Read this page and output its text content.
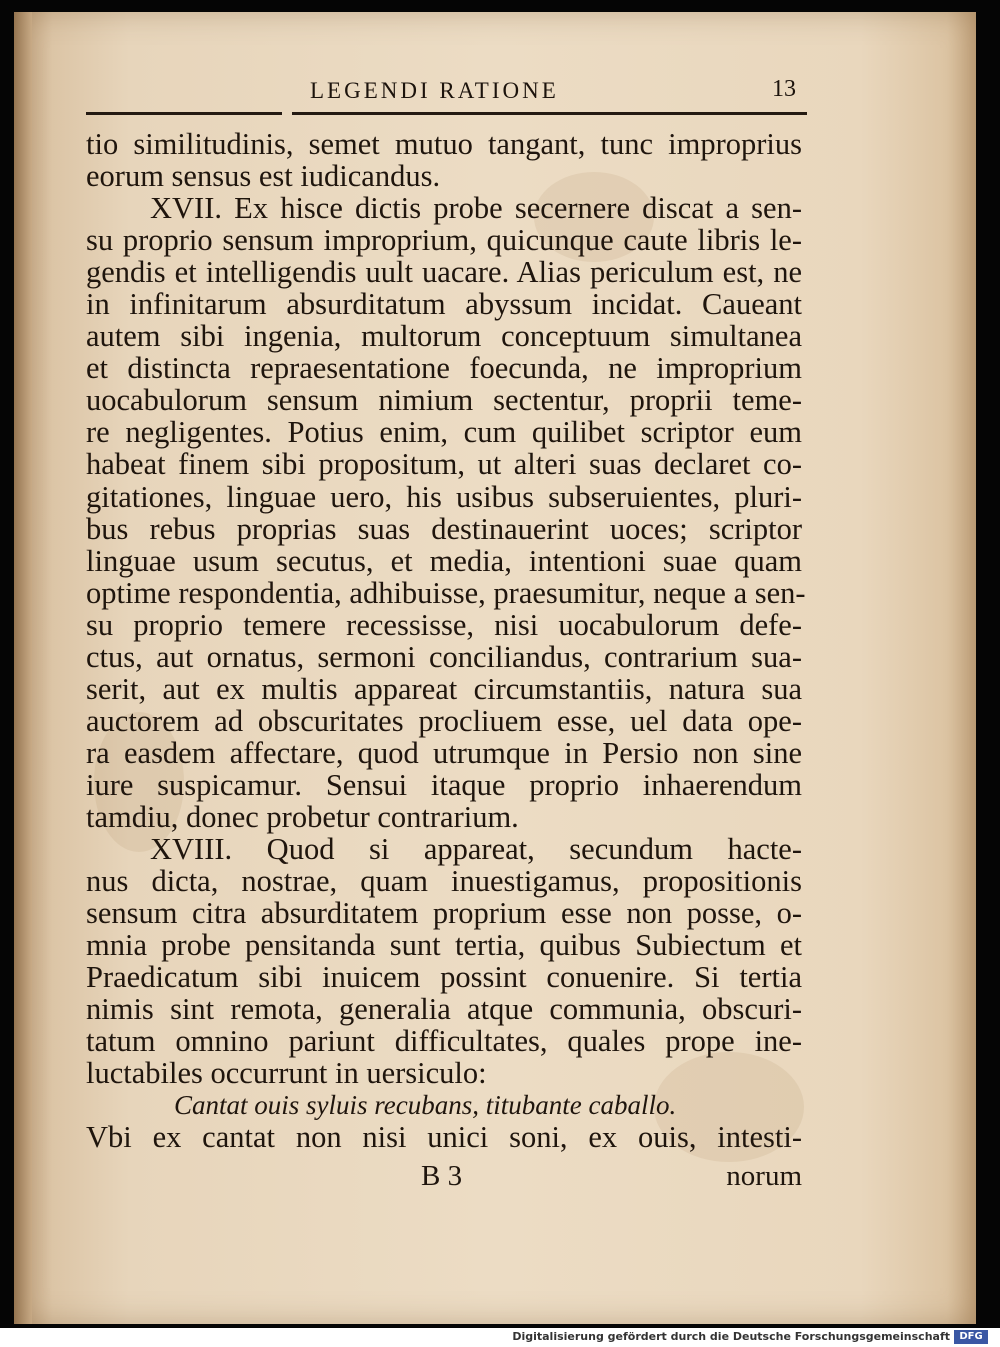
LEGENDI RATIONE	13
tio similitudinis, semet mutuo tangant, tunc improprius
eorum sensus est iudicandus.
XVII. Ex hisce dictis probe secernere discat a sen-
su proprio sensum improprium, quicunque caute libris le-
gendis et intelligendis uult uacare. Alias periculum est, ne
in infinitarum absurditatum abyssum incidat. Caueant
autem sibi ingenia, multorum conceptuum simultanea
et distincta repraesentatione foecunda, ne improprium
uocabulorum sensum nimium sectentur, proprii teme-
re negligentes. Potius enim, cum quilibet scriptor eum
habeat finem sibi propositum, ut alteri suas declaret co-
gitationes, linguae uero, his usibus subseruientes, pluri-
bus rebus proprias suas destinauerint uoces; scriptor
linguae usum secutus, et media, intentioni suae quam
optime respondentia, adhibuisse, praesumitur, neque a sen-
su proprio temere recessisse, nisi uocabulorum defe-
ctus, aut ornatus, sermoni conciliandus, contrarium sua-
serit, aut ex multis appareat circumstantiis, natura sua
auctorem ad obscuritates procliuem esse, uel data ope-
ra easdem affectare, quod utrumque in Persio non sine
iure suspicamur. Sensui itaque proprio inhaerendum
tamdiu, donec probetur contrarium.
XVIII. Quod si appareat, secundum hacte-
nus dicta, nostrae, quam inuestigamus, propositionis
sensum citra absurditatem proprium esse non posse, o-
mnia probe pensitanda sunt tertia, quibus Subiectum et
Praedicatum sibi inuicem possint conuenire. Si tertia
nimis sint remota, generalia atque communia, obscuri-
tatum omnino pariunt difficultates, quales prope ine-
luctabiles occurrunt in uersiculo:
Cantat ouis syluis recubans, titubante caballo.
Vbi ex cantat non nisi unici soni, ex ouis, intesti-
B 3	norum
Digitalisierung gefördert durch die Deutsche Forschungsgemeinschaft DFG
